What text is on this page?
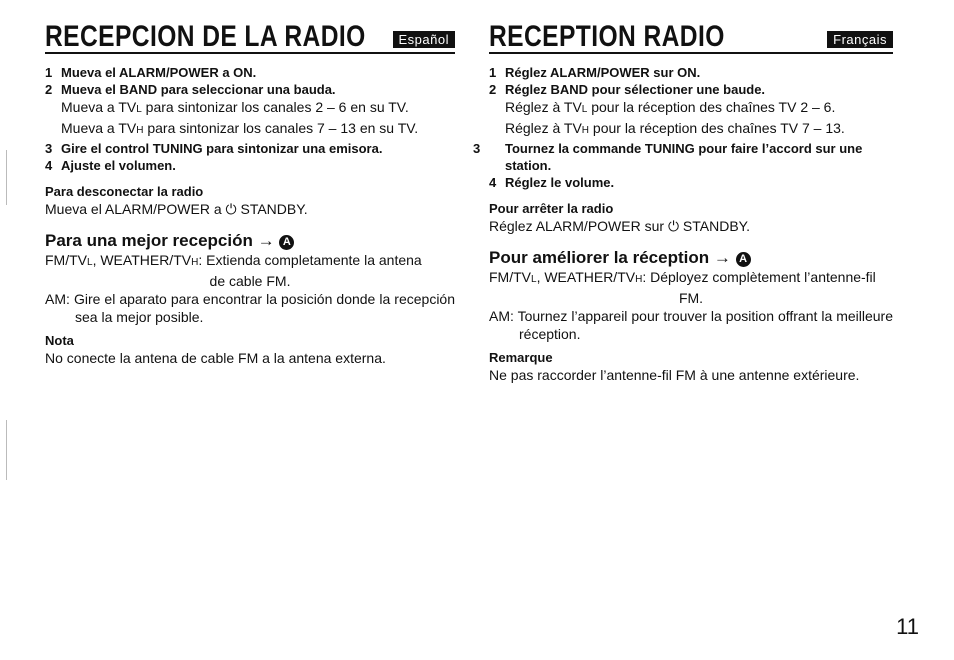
RECEPCION DE LA RADIO	Español
1 Mueva el ALARM/POWER a ON.
2 Mueva el BAND para seleccionar una bauda.
Mueva a TVL para sintonizar los canales 2 – 6 en su TV.
Mueva a TVH para sintonizar los canales 7 – 13 en su TV.
3 Gire el control TUNING para sintonizar una emisora.
4 Ajuste el volumen.
Para desconectar la radio
Mueva el ALARM/POWER a ⏻ STANDBY.
Para una mejor recepción → A
FM/TVL, WEATHER/TVH: Extienda completamente la antena
de cable FM.
AM: Gire el aparato para encontrar la posición donde la recepción sea la mejor posible.
Nota
No conecte la antena de cable FM a la antena externa.
RECEPTION RADIO	Français
1 Réglez ALARM/POWER sur ON.
2 Réglez BAND pour sélectioner une baude.
Réglez à TVL pour la réception des chaînes TV 2 – 6.
Réglez à TVH pour la réception des chaînes TV 7 – 13.
3 Tournez la commande TUNING pour faire l’accord sur une station.
4 Réglez le volume.
Pour arrêter la radio
Réglez ALARM/POWER sur ⏻ STANDBY.
Pour améliorer la réception → A
FM/TVL, WEATHER/TVH: Déployez complètement l’antenne-fil
FM.
AM: Tournez l’appareil pour trouver la position offrant la meilleure réception.
Remarque
Ne pas raccorder l’antenne-fil FM à une antenne extérieure.
11
